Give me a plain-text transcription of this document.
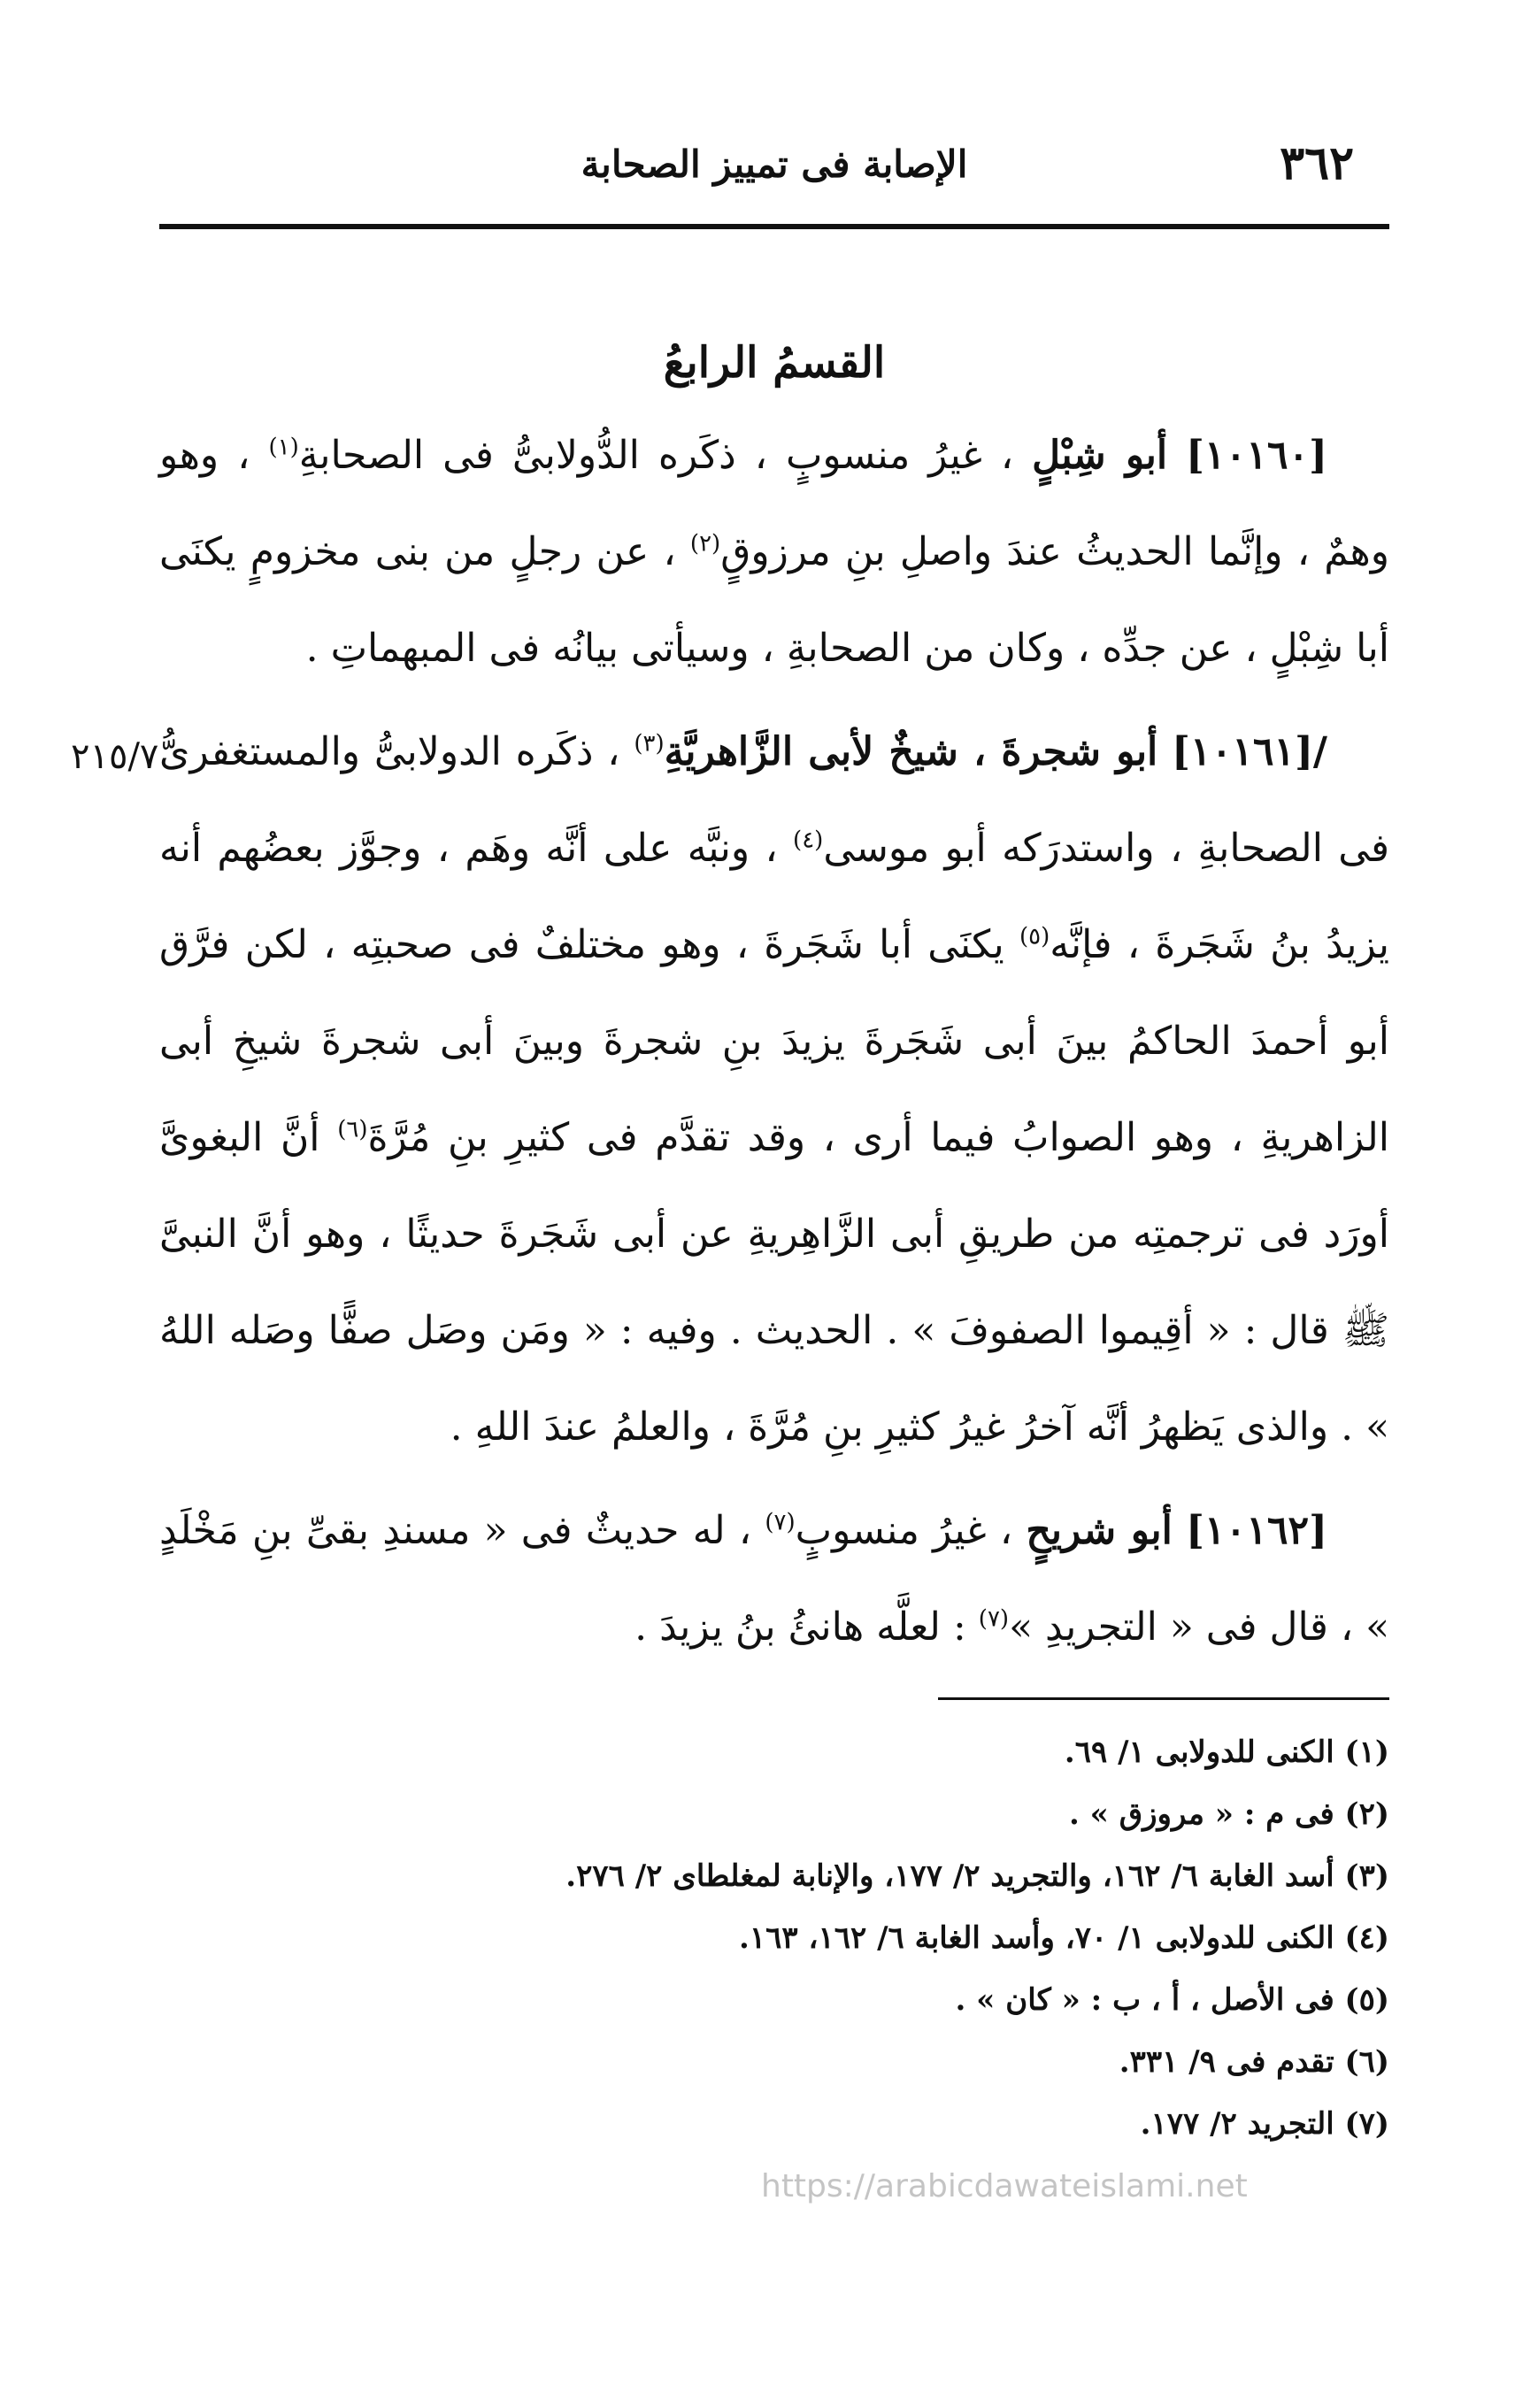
٣٦٢
الإصابة فى تمييز الصحابة
القسمُ الرابعُ
٢١٥/٧

[١٠١٦٠] أبو شِبْلٍ ، غيرُ منسوبٍ ، ذكَره الدُّولابىُّ فى الصحابةِ$^{(١)}$ ، وهو وهمٌ ، وإنَّما الحديثُ عندَ واصلِ بنِ مرزوقٍ$^{(٢)}$ ، عن رجلٍ من بنى مخزومٍ يكنَى أبا شِبْلٍ ، عن جدِّه ، وكان من الصحابةِ ، وسيأتى بيانُه فى المبهماتِ .

/[١٠١٦١] أبو شجرةَ ، شيخٌ لأبى الزَّاهريَّةِ$^{(٣)}$ ، ذكَره الدولابىُّ والمستغفرىُّ فى الصحابةِ ، واستدرَكه أبو موسى$^{(٤)}$ ، ونبَّه على أنَّه وهَم ، وجوَّز بعضُهم أنه يزيدُ بنُ شَجَرةَ ، فإنَّه$^{(٥)}$ يكنَى أبا شَجَرةَ ، وهو مختلفٌ فى صحبتِه ، لكن فرَّق أبو أحمدَ الحاكمُ بينَ أبى شَجَرةَ يزيدَ بنِ شجرةَ وبينَ أبى شجرةَ شيخِ أبى الزاهريةِ ، وهو الصوابُ فيما أرى ، وقد تقدَّم فى كثيرِ بنِ مُرَّةَ$^{(٦)}$ أنَّ البغوىَّ أورَد فى ترجمتِه من طريقِ أبى الزَّاهِريةِ عن أبى شَجَرةَ حديثًا ، وهو أنَّ النبىَّ ﷺ قال : « أقِيموا الصفوفَ » . الحديث . وفيه : « ومَن وصَل صفًّا وصَله اللهُ » . والذى يَظهرُ أنَّه آخرُ غيرُ كثيرِ بنِ مُرَّةَ ، والعلمُ عندَ اللهِ .

[١٠١٦٢] أبو شريحٍ ، غيرُ منسوبٍ$^{(٧)}$ ، له حديثٌ فى « مسندِ بقىِّ بنِ مَخْلَدٍ » ، قال فى « التجريدِ »$^{(٧)}$ : لعلَّه هانئُ بنُ يزيدَ .

(١) الكنى للدولابى ١/ ٦٩.

(٢) فى م : « مروزق » .

(٣) أسد الغابة ٦/ ١٦٢، والتجريد ٢/ ١٧٧، والإنابة لمغلطاى ٢/ ٢٧٦.

(٤) الكنى للدولابى ١/ ٧٠، وأسد الغابة ٦/ ١٦٢، ١٦٣.

(٥) فى الأصل ، أ ، ب : « كان » .

(٦) تقدم فى ٩/ ٣٣١.

(٧) التجريد ٢/ ١٧٧.

https://arabicdawateislami.net
